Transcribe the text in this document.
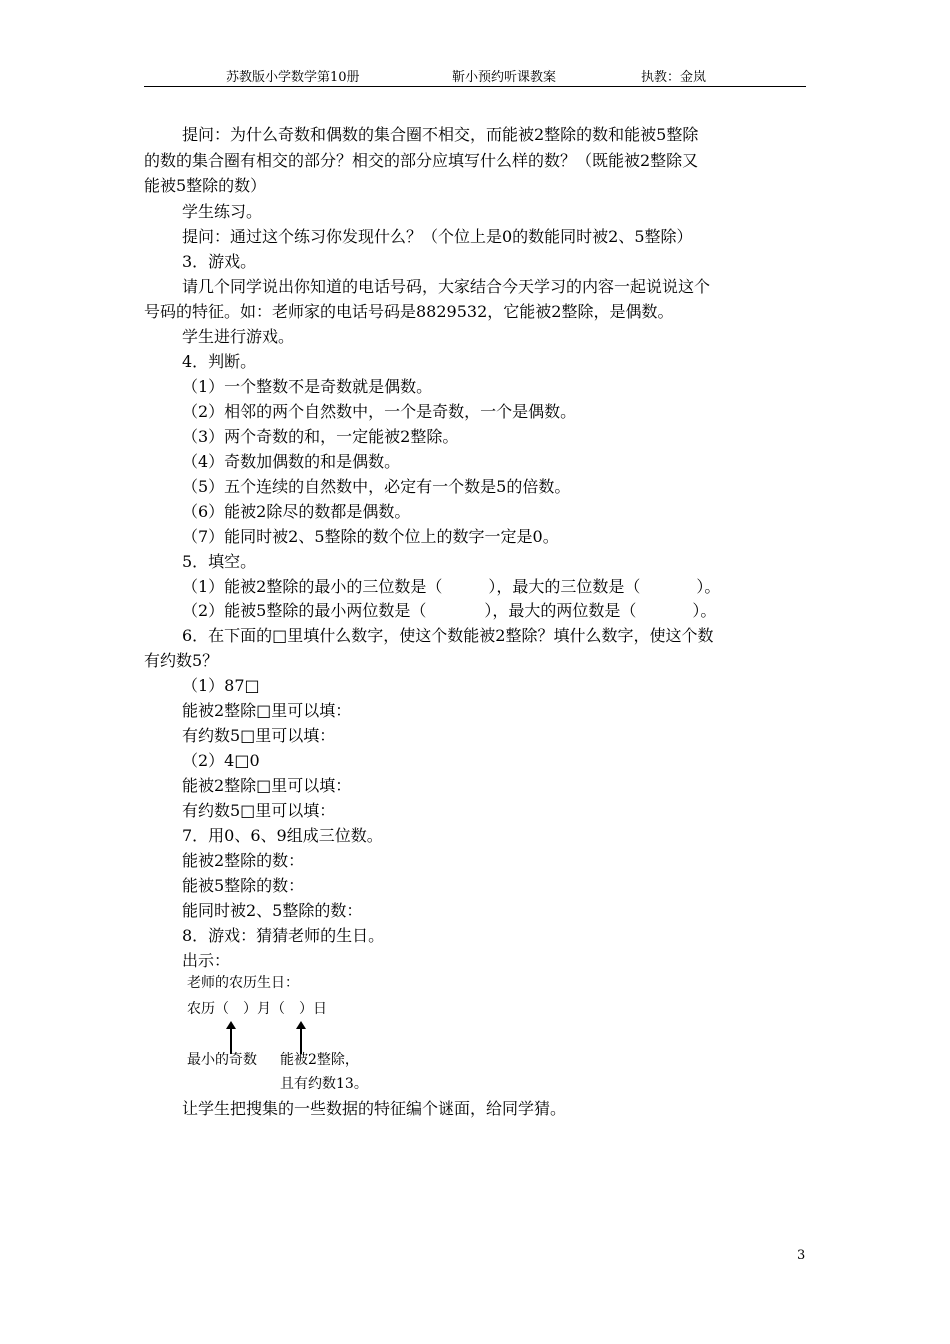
苏教版小学数学第10册	靳小预约听课教案	执教：金岚
提问：为什么奇数和偶数的集合圈不相交，而能被2整除的数和能被5整除
的数的集合圈有相交的部分？相交的部分应填写什么样的数？（既能被2整除又
能被5整除的数）
学生练习。
提问：通过这个练习你发现什么？（个位上是0的数能同时被2、5整除）
3．游戏。
请几个同学说出你知道的电话号码，大家结合今天学习的内容一起说说这个
号码的特征。如：老师家的电话号码是8829532，它能被2整除，是偶数。
学生进行游戏。
4．判断。
（1）一个整数不是奇数就是偶数。
（2）相邻的两个自然数中，一个是奇数，一个是偶数。
（3）两个奇数的和，一定能被2整除。
（4）奇数加偶数的和是偶数。
（5）五个连续的自然数中，必定有一个数是5的倍数。
（6）能被2除尽的数都是偶数。
（7）能同时被2、5整除的数个位上的数字一定是0。
5．填空。
（1）能被2整除的最小的三位数是（	），最大的三位数是（	）。
（2）能被5整除的最小两位数是（	），最大的两位数是（	）。
6．在下面的□里填什么数字，使这个数能被2整除？填什么数字，使这个数
有约数5？
（1）87□
能被2整除□里可以填：
有约数5□里可以填：
（2）4□0
能被2整除□里可以填：
有约数5□里可以填：
7．用0、6、9组成三位数。
能被2整除的数：
能被5整除的数：
能同时被2、5整除的数：
8．游戏：猜猜老师的生日。
出示：
老师的农历生日：
农历（　）月（　）日
最小的奇数 能被2整除，
且有约数13。
让学生把搜集的一些数据的特征编个谜面，给同学猜。
3
